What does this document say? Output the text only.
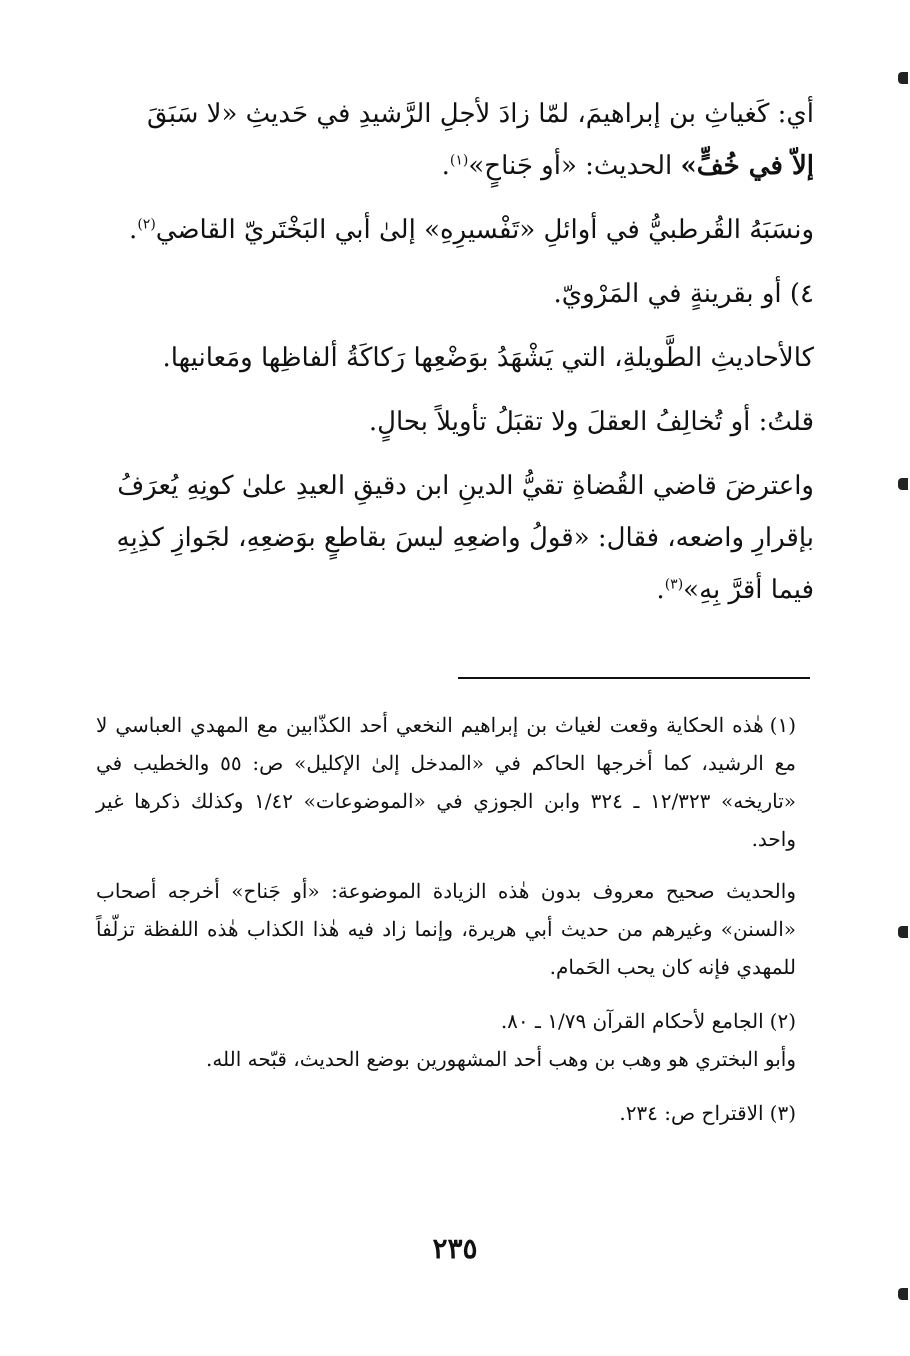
أي: كَغياثِ بن إبراهيمَ، لمّا زادَ لأجلِ الرَّشيدِ في حَديثِ «لا سَبَقَ
إلاّ في خُفٍّ» الحديث: «أو جَناحٍ»$^{(١)}$.

ونسَبَهُ القُرطبيُّ في أوائلِ «تَفْسيرِهِ» إلىٰ أبي البَخْتَريّ القاضي$^{(٢)}$.

٤) أو بقرينةٍ في المَرْويّ.

كالأحاديثِ الطَّويلةِ، التي يَشْهَدُ بوَضْعِها رَكاكَةُ ألفاظِها ومَعانيها.

قلتُ: أو تُخالِفُ العقلَ ولا تقبَلُ تأويلاً بحالٍ.

واعترضَ قاضي القُضاةِ تقيُّ الدينِ ابن دقيقِ العيدِ علىٰ كونِهِ يُعرَفُ
بإقرارِ واضعه، فقال: «قولُ واضعِهِ ليسَ بقاطعٍ بوَضعِهِ، لجَوازِ كذِبِهِ
فيما أقرَّ بِهِ»$^{(٣)}$.

(١)هٰذه الحكاية وقعت لغياث بن إبراهيم النخعي أحد الكذّابين مع المهدي العباسي لا مع الرشيد، كما أخرجها الحاكم في «المدخل إلىٰ الإكليل» ص: ٥٥ والخطيب في «تاريخه» ١٢/٣٢٣ ـ ٣٢٤ وابن الجوزي في «الموضوعات» ١/٤٢ وكذلك ذكرها غير واحد.

والحديث صحيح معروف بدون هٰذه الزيادة الموضوعة: «أو جَناح» أخرجه أصحاب «السنن» وغيرهم من حديث أبي هريرة، وإنما زاد فيه هٰذا الكذاب هٰذه اللفظة تزلّفاً للمهدي فإنه كان يحب الحَمام.

(٢)الجامع لأحكام القرآن ١/٧٩ ـ ٨٠.

وأبو البختري هو وهب بن وهب أحد المشهورين بوضع الحديث، قبّحه الله.

(٣)الاقتراح ص: ٢٣٤.

٢٣٥
